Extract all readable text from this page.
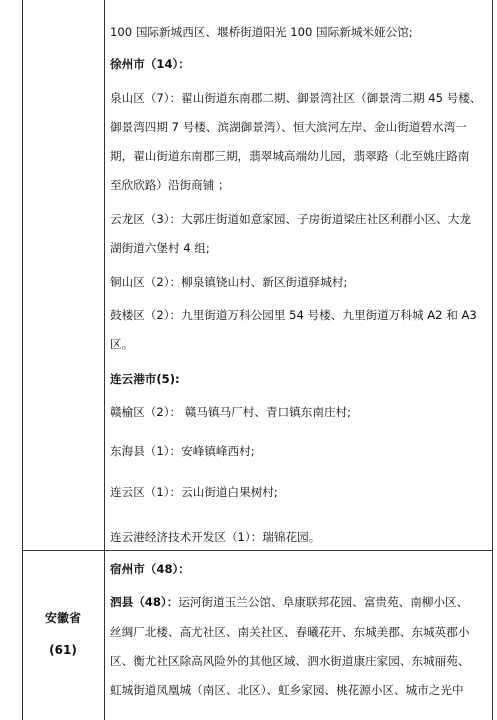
100 国际新城西区、堰桥街道阳光 100 国际新城米娅公馆;
徐州市（14）：
泉山区（7）：翟山街道东南郡二期、御景湾社区（御景湾二期 45 号楼、
御景湾四期 7 号楼、滨湖御景湾）、恒大滨河左岸、金山街道碧水湾一
期，翟山街道东南郡三期，翡翠城高端幼儿园，翡翠路（北至姚庄路南
至欣欣路）沿街商铺 ；
云龙区（3）：大郭庄街道如意家园、子房街道梁庄社区利群小区、大龙
湖街道六堡村 4 组;
铜山区（2）：柳泉镇铙山村、新区街道驿城村;
鼓楼区（2）：九里街道万科公园里 54 号楼、九里街道万科城 A2 和 A3
区。
连云港市(5):
赣榆区（2）： 赣马镇马厂村、青口镇东南庄村;
东海县（1）：安峰镇峰西村;
连云区（1）：云山街道白果树村;
连云港经济技术开发区（1）：瑞锦花园。
安徽省
(61)
宿州市（48）：
泗县（48）：运河街道玉兰公馆、阜康联邦花园、富贵苑、南柳小区、
丝绸厂北楼、高尤社区、南关社区、春曦花开、东城美郡、东城英郡小
区、衡尤社区除高风险外的其他区域、泗水街道康庄家园、东城丽苑、
虹城街道凤凰城（南区、北区）、虹乡家园、桃花源小区、城市之光中
